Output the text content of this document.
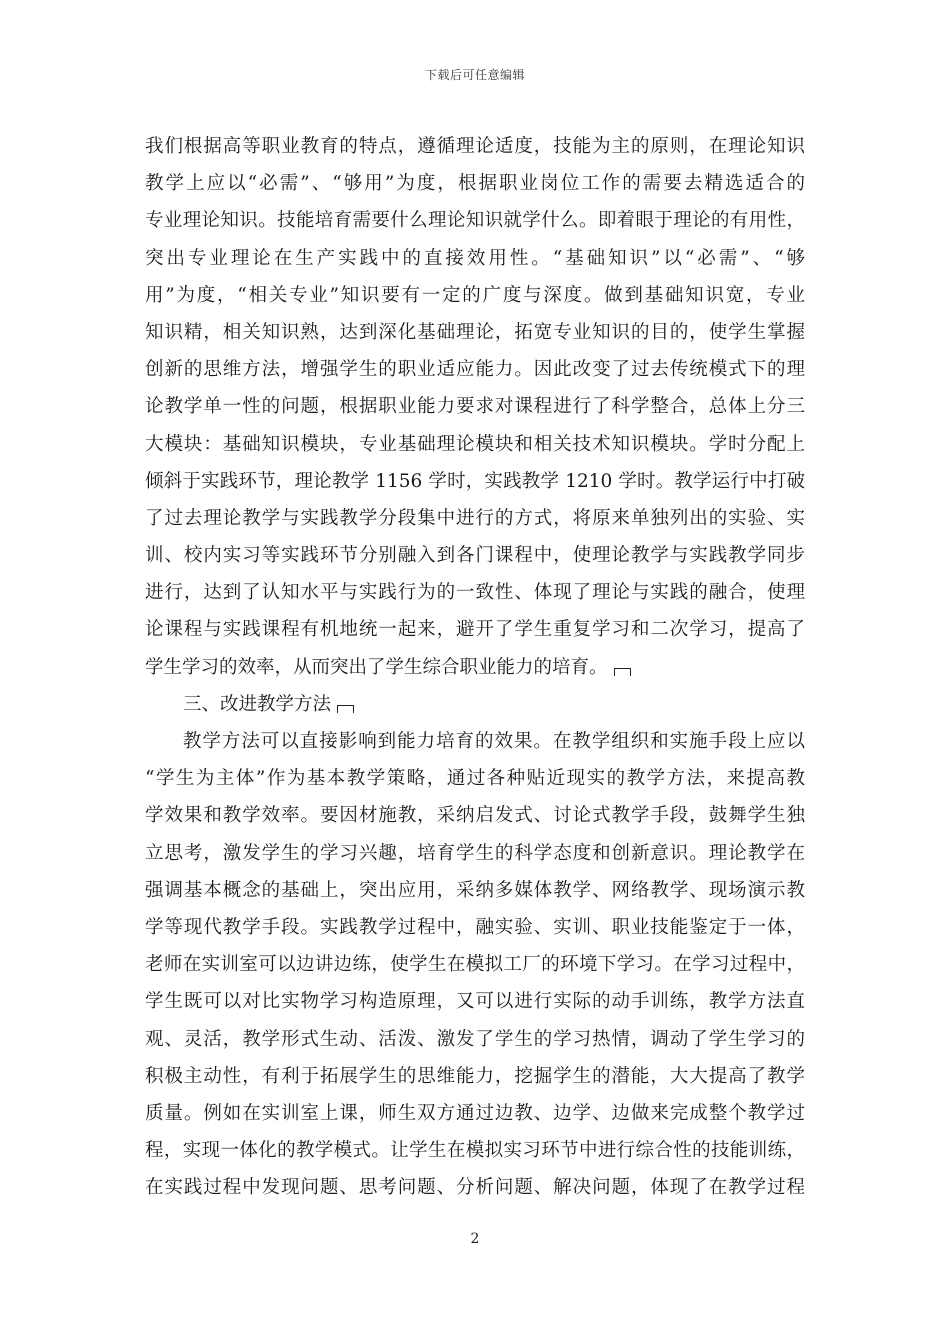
下载后可任意编辑
我们根据高等职业教育的特点，遵循理论适度，技能为主的原则，在理论知识
教学上应以“必需”、“够用”为度，根据职业岗位工作的需要去精选适合的
专业理论知识。技能培育需要什么理论知识就学什么。即着眼于理论的有用性，
突出专业理论在生产实践中的直接效用性。“基础知识”以“必需”、“够
用”为度，“相关专业”知识要有一定的广度与深度。做到基础知识宽，专业
知识精，相关知识熟，达到深化基础理论，拓宽专业知识的目的，使学生掌握
创新的思维方法，增强学生的职业适应能力。因此改变了过去传统模式下的理
论教学单一性的问题，根据职业能力要求对课程进行了科学整合，总体上分三
大模块：基础知识模块，专业基础理论模块和相关技术知识模块。学时分配上
倾斜于实践环节，理论教学 1156 学时，实践教学 1210 学时。教学运行中打破
了过去理论教学与实践教学分段集中进行的方式，将原来单独列出的实验、实
训、校内实习等实践环节分别融入到各门课程中，使理论教学与实践教学同步
进行，达到了认知水平与实践行为的一致性、体现了理论与实践的融合，使理
论课程与实践课程有机地统一起来，避开了学生重复学习和二次学习，提高了
学生学习的效率，从而突出了学生综合职业能力的培育。
三、改进教学方法
教学方法可以直接影响到能力培育的效果。在教学组织和实施手段上应以
“学生为主体”作为基本教学策略，通过各种贴近现实的教学方法，来提高教
学效果和教学效率。要因材施教，采纳启发式、讨论式教学手段，鼓舞学生独
立思考，激发学生的学习兴趣，培育学生的科学态度和创新意识。理论教学在
强调基本概念的基础上，突出应用，采纳多媒体教学、网络教学、现场演示教
学等现代教学手段。实践教学过程中，融实验、实训、职业技能鉴定于一体，
老师在实训室可以边讲边练，使学生在模拟工厂的环境下学习。在学习过程中，
学生既可以对比实物学习构造原理，又可以进行实际的动手训练，教学方法直
观、灵活，教学形式生动、活泼、激发了学生的学习热情，调动了学生学习的
积极主动性，有利于拓展学生的思维能力，挖掘学生的潜能，大大提高了教学
质量。例如在实训室上课，师生双方通过边教、边学、边做来完成整个教学过
程，实现一体化的教学模式。让学生在模拟实习环节中进行综合性的技能训练，
在实践过程中发现问题、思考问题、分析问题、解决问题，体现了在教学过程
2
